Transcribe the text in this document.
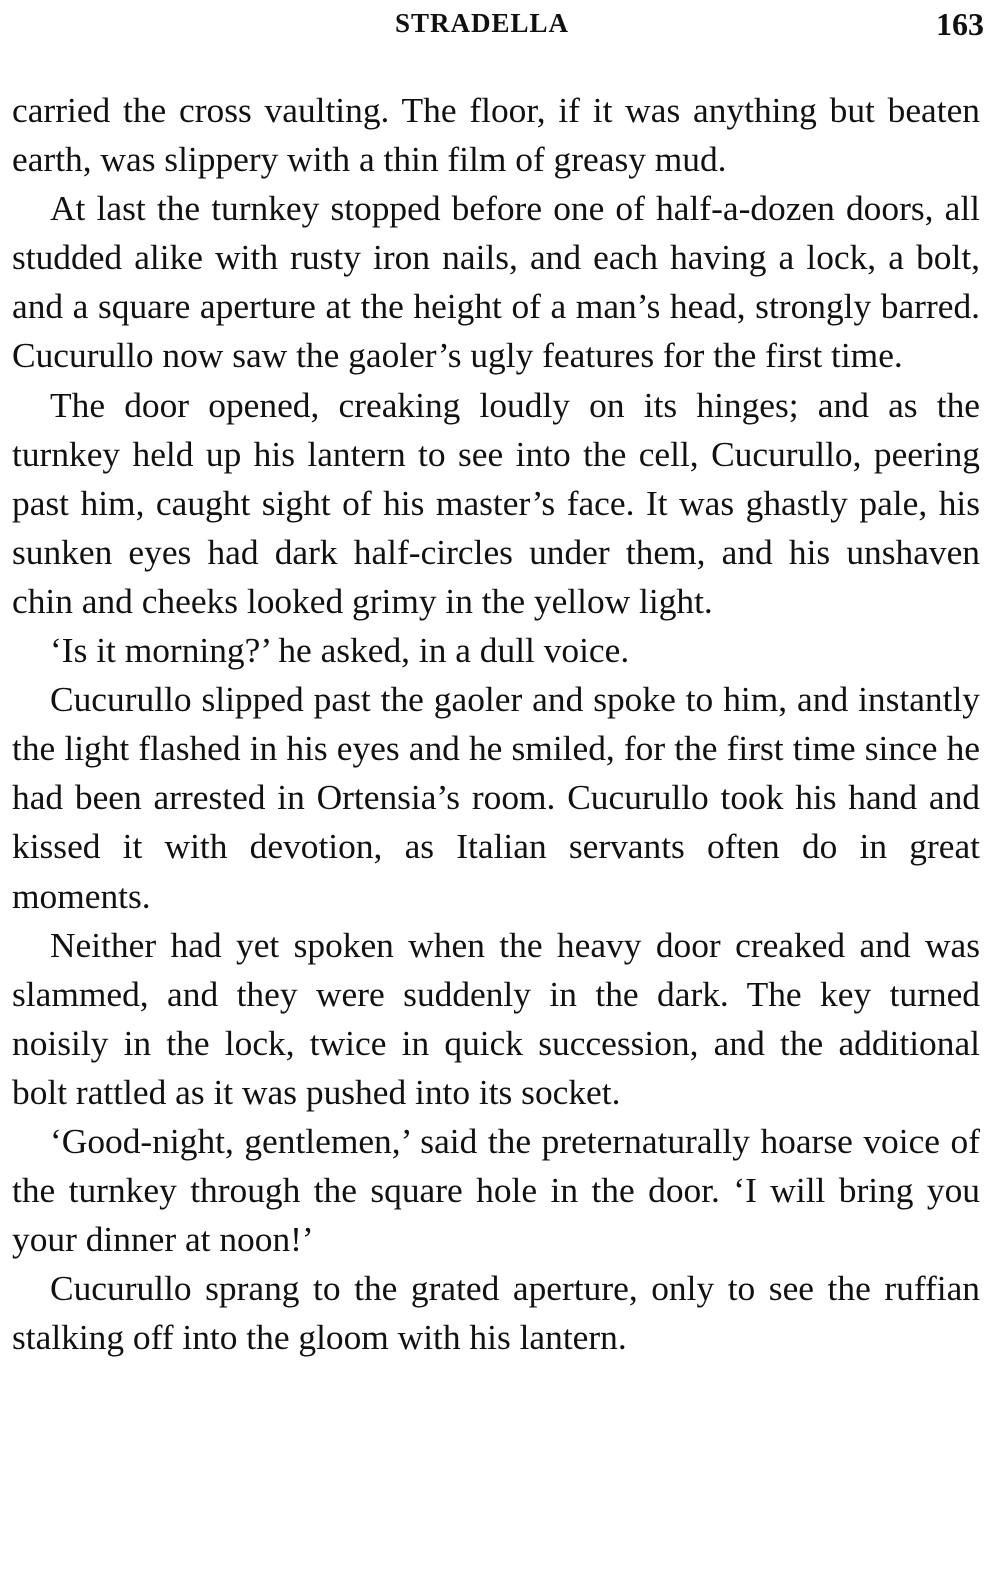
STRADELLA	163

carried the cross vaulting. The floor, if it was anything but beaten earth, was slippery with a thin film of greasy mud.

At last the turnkey stopped before one of half-a-dozen doors, all studded alike with rusty iron nails, and each having a lock, a bolt, and a square aperture at the height of a man’s head, strongly barred. Cucurullo now saw the gaoler’s ugly features for the first time.

The door opened, creaking loudly on its hinges; and as the turnkey held up his lantern to see into the cell, Cucurullo, peering past him, caught sight of his master’s face. It was ghastly pale, his sunken eyes had dark half-circles under them, and his unshaven chin and cheeks looked grimy in the yellow light.

‘Is it morning?’ he asked, in a dull voice.

Cucurullo slipped past the gaoler and spoke to him, and instantly the light flashed in his eyes and he smiled, for the first time since he had been arrested in Ortensia’s room. Cucurullo took his hand and kissed it with devotion, as Italian servants often do in great moments.

Neither had yet spoken when the heavy door creaked and was slammed, and they were suddenly in the dark. The key turned noisily in the lock, twice in quick succession, and the additional bolt rattled as it was pushed into its socket.

‘Good-night, gentlemen,’ said the preternaturally hoarse voice of the turnkey through the square hole in the door. ‘I will bring you your dinner at noon!’

Cucurullo sprang to the grated aperture, only to see the ruffian stalking off into the gloom with his lantern.
